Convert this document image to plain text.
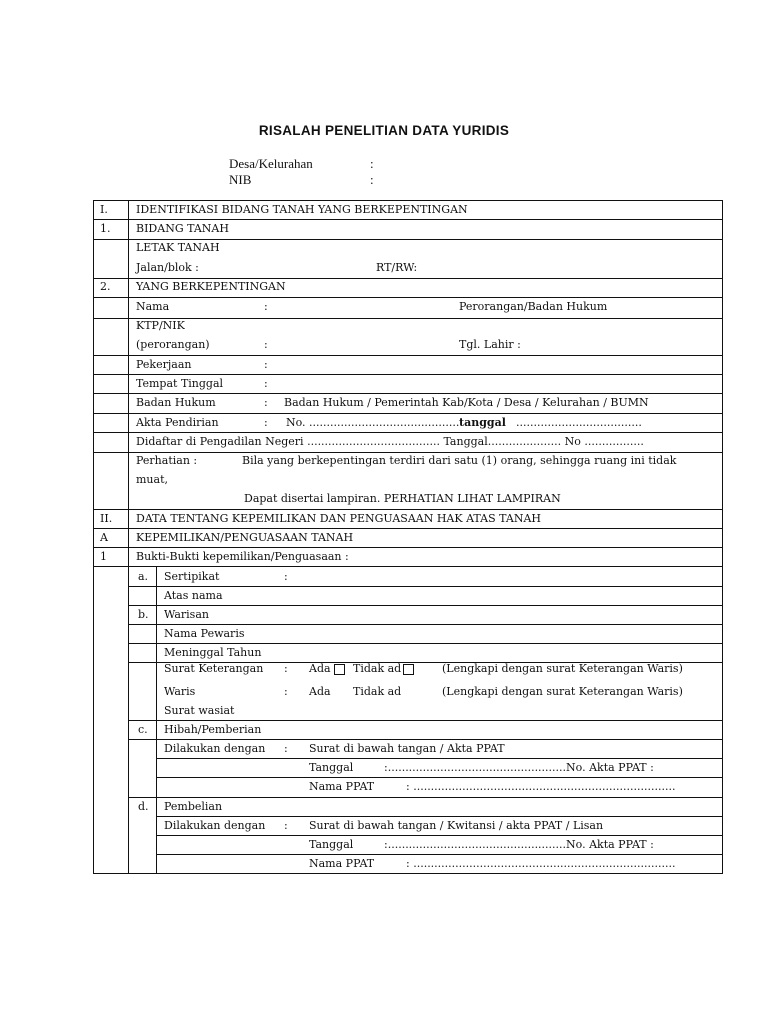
RISALAH PENELITIAN DATA YURIDIS
Desa/Kelurahan	:
NIB	:
I.	IDENTIFIKASI BIDANG TANAH YANG BERKEPENTINGAN
1. BIDANG TANAH
LETAK TANAH
Jalan/blok :	RT/RW:
2. YANG BERKEPENTINGAN
Nama	:	Perorangan/Badan Hukum
KTP/NIK
(perorangan)	:	Tgl. Lahir :
Pekerjaan	:
Tempat Tinggal	:
Badan Hukum	: Badan Hukum / Pemerintah Kab/Kota / Desa / Kelurahan / BUMN
Akta Pendirian	: No. ........................................... tanggal ....................................
Didaftar di Pengadilan Negeri ...................................... Tanggal..................... No .................
Perhatian :	Bila yang berkepentingan terdiri dari satu (1) orang, sehingga ruang ini tidak
muat,
Dapat disertai lampiran. PERHATIAN LIHAT LAMPIRAN
II. DATA TENTANG KEPEMILIKAN DAN PENGUASAAN HAK ATAS TANAH
A	KEPEMILIKAN/PENGUASAAN TANAH
1	Bukti-Bukti kepemilikan/Penguasaan :
a. Sertipikat	:
Atas nama
b. Warisan
Nama Pewaris
Meninggal Tahun
Surat Keterangan : Ada Tidak ad	(Lengkapi dengan surat Keterangan Waris)
Waris	: Ada Tidak ad	(Lengkapi dengan surat Keterangan Waris)
Surat wasiat
c. Hibah/Pemberian
Dilakukan dengan : Surat di bawah tangan / Akta PPAT
Tanggal	:...................................................No. Akta PPAT :
Nama PPAT	: ...........................................................................
d. Pembelian
Dilakukan dengan : Surat di bawah tangan / Kwitansi / akta PPAT / Lisan
Tanggal	:...................................................No. Akta PPAT :
Nama PPAT	: ...........................................................................
